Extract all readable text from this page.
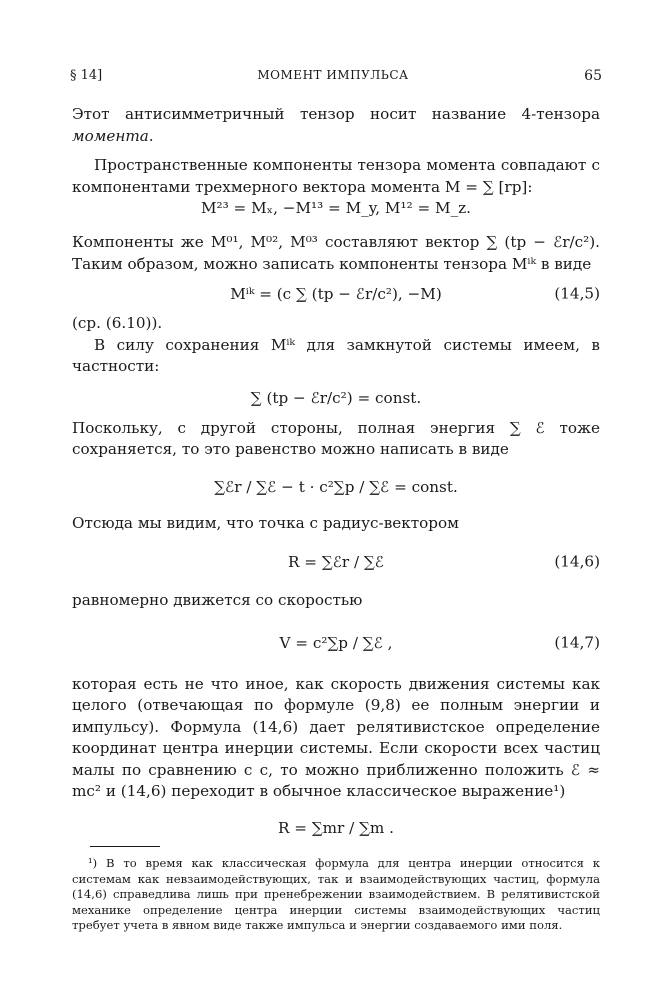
§ 14]	МОМЕНТ ИМПУЛЬСА	65

Этот антисимметричный тензор носит название 4-тензора момента.

Пространственные компоненты тензора момента совпадают с компонентами трехмерного вектора момента M = ∑ [rp]:

M²³ = Mₓ, −M¹³ = M_y, M¹² = M_z.

Компоненты же M⁰¹, M⁰², M⁰³ составляют вектор ∑ (tp − ℰr/c²). Таким образом, можно записать компоненты тензора Mⁱᵏ в виде

Mⁱᵏ = (c ∑ (tp − ℰr/c²), −M)	(14,5)

(ср. (6.10)).

В силу сохранения Mⁱᵏ для замкнутой системы имеем, в частности:

∑ (tp − ℰr/c²) = const.

Поскольку, с другой стороны, полная энергия ∑ ℰ тоже сохраняется, то это равенство можно написать в виде

∑ℰr / ∑ℰ − t · c²∑p / ∑ℰ = const.

Отсюда мы видим, что точка с радиус-вектором

R = ∑ℰr / ∑ℰ	(14,6)

равномерно движется со скоростью

V = c²∑p / ∑ℰ ,	(14,7)

которая есть не что иное, как скорость движения системы как целого (отвечающая по формуле (9,8) ее полным энергии и импульсу). Формула (14,6) дает релятивистское определение координат центра инерции системы. Если скорости всех частиц малы по сравнению с c, то можно приближенно положить ℰ ≈ mc² и (14,6) переходит в обычное классическое выражение¹)

R = ∑mr / ∑m .

¹) В то время как классическая формула для центра инерции относится к системам как невзаимодействующих, так и взаимодействующих частиц, формула (14,6) справедлива лишь при пренебрежении взаимодействием. В релятивистской механике определение центра инерции системы взаимодействующих частиц требует учета в явном виде также импульса и энергии создаваемого ими поля.
